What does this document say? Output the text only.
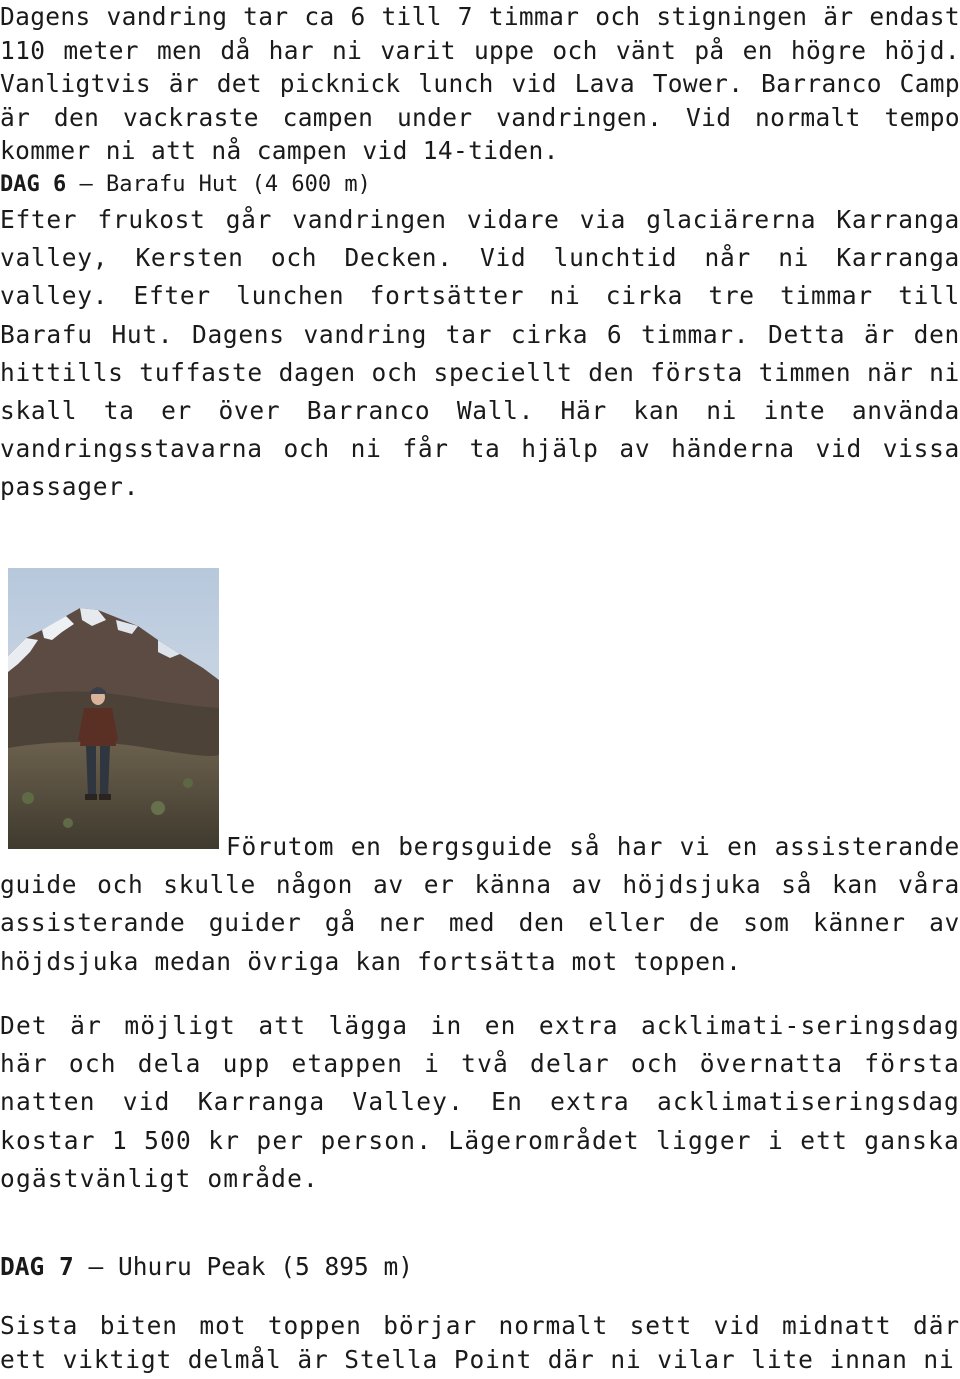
Dagens vandring tar ca 6 till 7 timmar och stigningen är endast 110 meter men då har ni varit uppe och vänt på en högre höjd. Vanligtvis är det picknick lunch vid Lava Tower. Barranco Camp är den vackraste campen under vandringen. Vid normalt tempo kommer ni att nå campen vid 14-tiden.
DAG 6 – Barafu Hut (4 600 m)

Efter frukost går vandringen vidare via glaciärerna Karranga valley, Kersten och Decken. Vid lunchtid når ni Karranga valley. Efter lunchen fortsätter ni cirka tre timmar till Barafu Hut. Dagens vandring tar cirka 6 timmar. Detta är den hittills tuffaste dagen och speciellt den första timmen när ni skall ta er över Barranco Wall. Här kan ni inte använda vandringsstavarna och ni får ta hjälp av händerna vid vissa passager.

Förutom en bergsguide så har vi en assisterande guide och skulle någon av er känna av höjdsjuka så kan våra assisterande guider gå ner med den eller de som känner av höjdsjuka medan övriga kan fortsätta mot toppen.

Det är möjligt att lägga in en extra acklimati-seringsdag här och dela upp etappen i två delar och övernatta första natten vid Karranga Valley. En extra acklimatiseringsdag kostar 1 500 kr per person. Lägerområdet ligger i ett ganska ogästvänligt område.

DAG 7 – Uhuru Peak (5 895 m)

Sista biten mot toppen börjar normalt sett vid midnatt där ett viktigt delmål är Stella Point där ni vilar lite innan ni
